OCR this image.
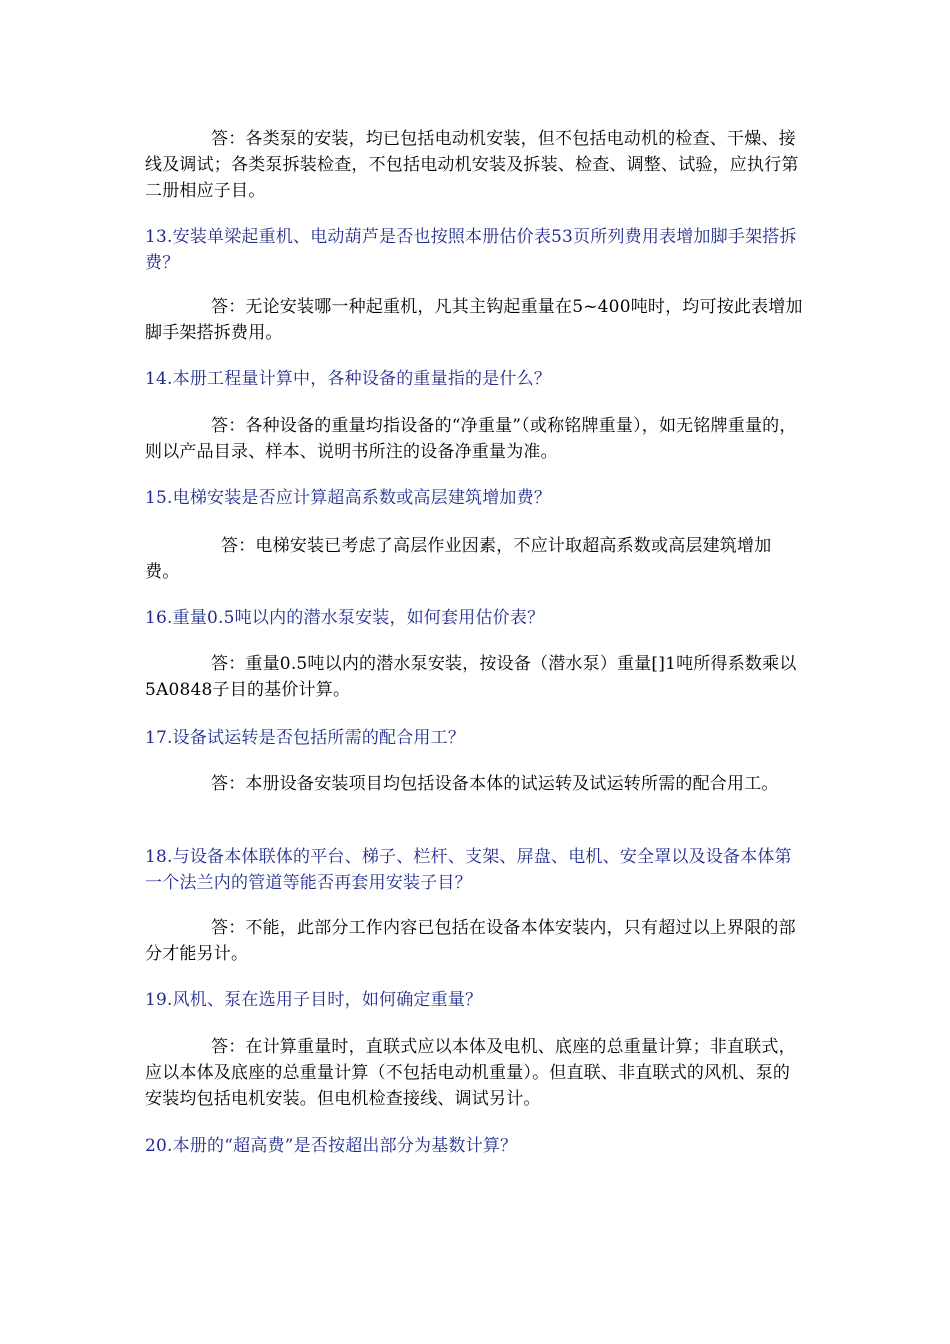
答：各类泵的安装，均已包括电动机安装，但不包括电动机的检查、干燥、接线及调试；各类泵拆装检查，不包括电动机安装及拆装、检查、调整、试验，应执行第二册相应子目。

13.安装单梁起重机、电动葫芦是否也按照本册估价表53页所列费用表增加脚手架搭拆费？

答：无论安装哪一种起重机，凡其主钩起重量在5~400吨时，均可按此表增加脚手架搭拆费用。

14.本册工程量计算中，各种设备的重量指的是什么？

答：各种设备的重量均指设备的“净重量”（或称铭牌重量），如无铭牌重量的，则以产品目录、样本、说明书所注的设备净重量为准。

15.电梯安装是否应计算超高系数或高层建筑增加费？

答：电梯安装已考虑了高层作业因素，不应计取超高系数或高层建筑增加费。

16.重量0.5吨以内的潜水泵安装，如何套用估价表？

答：重量0.5吨以内的潜水泵安装，按设备（潜水泵）重量[]1吨所得系数乘以5A0848子目的基价计算。

17.设备试运转是否包括所需的配合用工？

答：本册设备安装项目均包括设备本体的试运转及试运转所需的配合用工。

18.与设备本体联体的平台、梯子、栏杆、支架、屏盘、电机、安全罩以及设备本体第一个法兰内的管道等能否再套用安装子目？

答：不能，此部分工作内容已包括在设备本体安装内，只有超过以上界限的部分才能另计。

19.风机、泵在选用子目时，如何确定重量？

答：在计算重量时，直联式应以本体及电机、底座的总重量计算；非直联式，应以本体及底座的总重量计算（不包括电动机重量）。但直联、非直联式的风机、泵的安装均包括电机安装。但电机检查接线、调试另计。

20.本册的“超高费”是否按超出部分为基数计算？
